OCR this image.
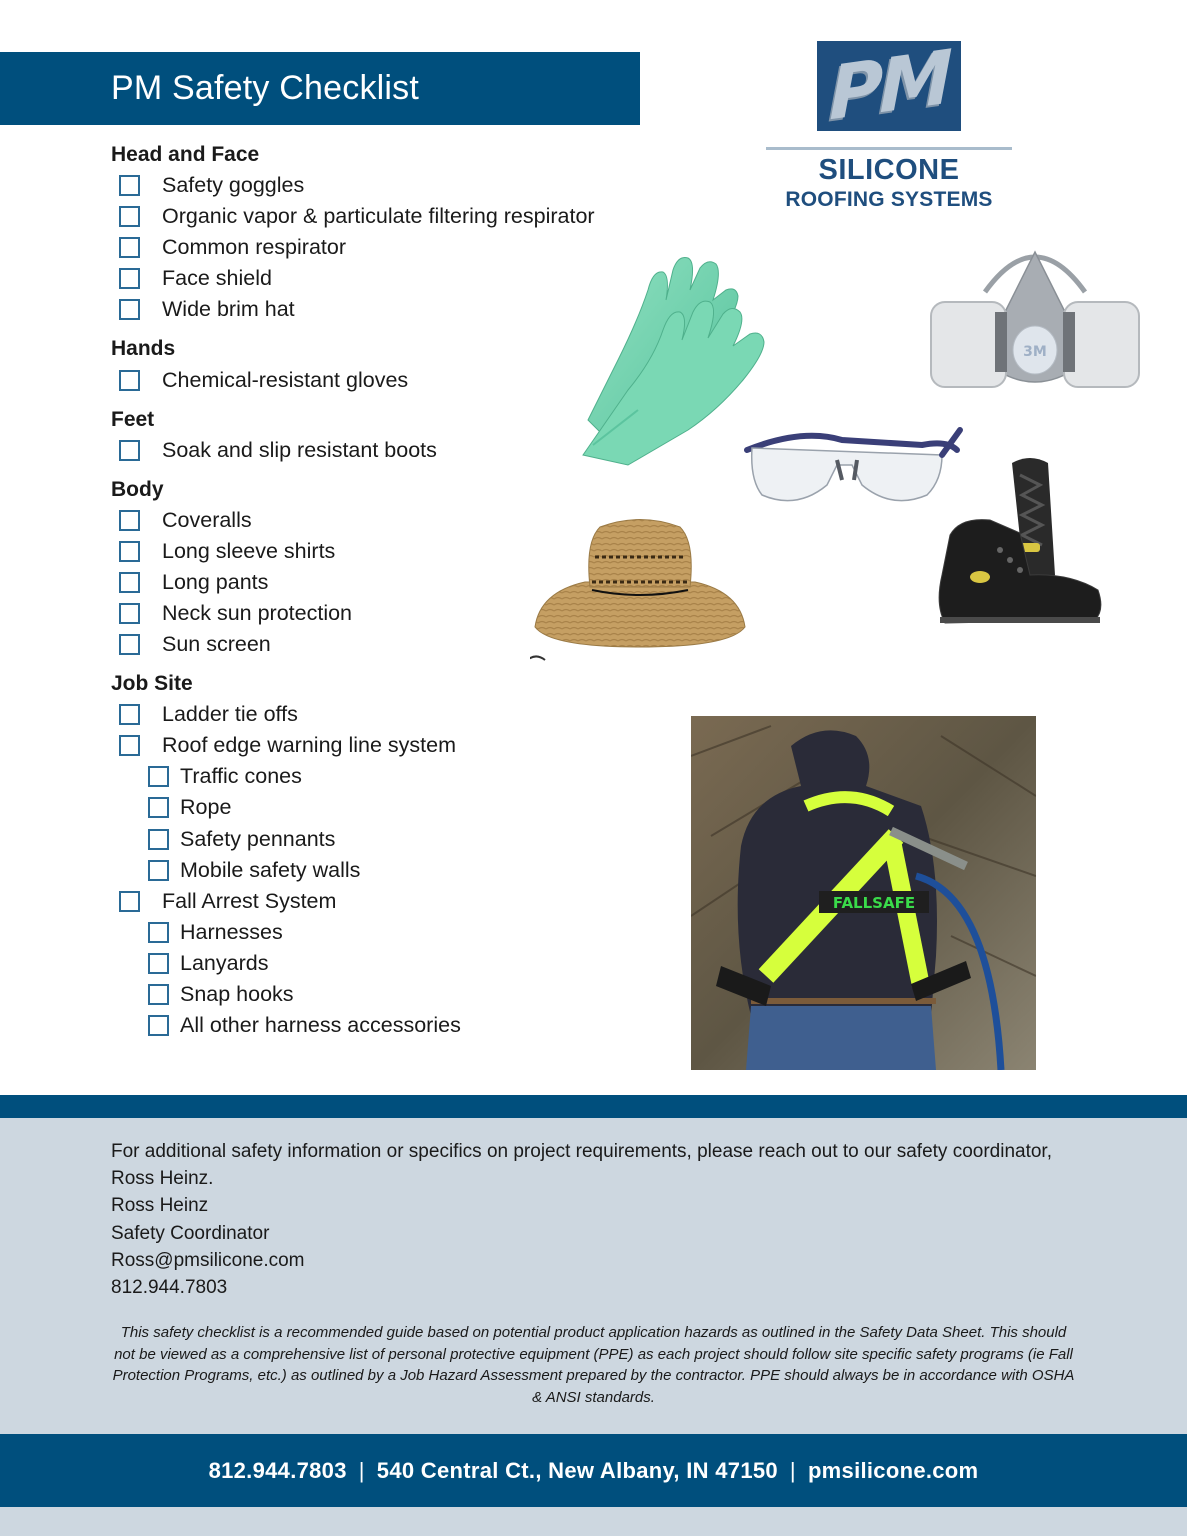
PM Safety Checklist	PM
SILICONE
ROOFING SYSTEMS
Head and Face
Safety goggles
Organic vapor & particulate filtering respirator
Common respirator
Face shield
Wide brim hat
Hands
Chemical-resistant gloves
Feet
Soak and slip resistant boots
Body
Coveralls
Long sleeve shirts
Long pants
Neck sun protection
Sun screen
Job Site
Ladder tie offs
Roof edge warning line system
Traffic cones
Rope
Safety pennants
Mobile safety walls
Fall Arrest System
Harnesses
Lanyards
Snap hooks
All other harness accessories
3M
FALLSAFE
For additional safety information or specifics on project requirements, please reach out to our safety coordinator, Ross Heinz.
Ross Heinz
Safety Coordinator
Ross@pmsilicone.com
812.944.7803
This safety checklist is a recommended guide based on potential product application hazards as outlined in the Safety Data Sheet. This should not be viewed as a comprehensive list of personal protective equipment (PPE) as each project should follow site specific safety programs (ie Fall Protection Programs, etc.) as outlined by a Job Hazard Assessment prepared by the contractor. PPE should always be in accordance with OSHA & ANSI standards.
812.944.7803 | 540 Central Ct., New Albany, IN 47150 | pmsilicone.com
